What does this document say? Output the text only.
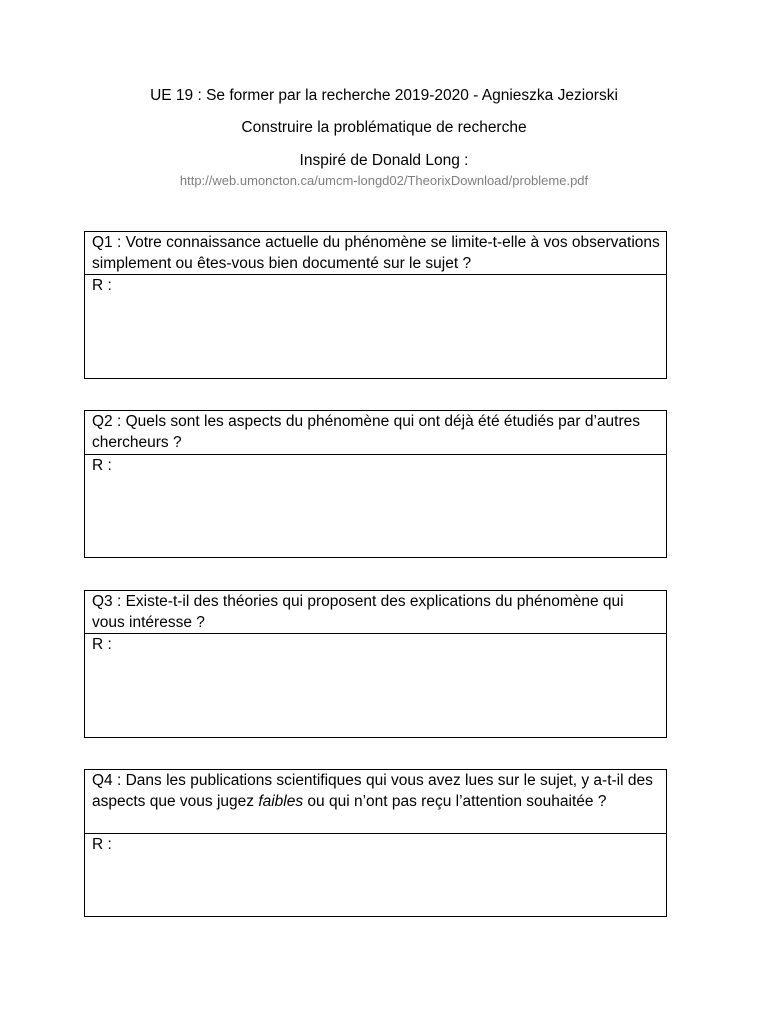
UE 19 : Se former par la recherche 2019-2020 - Agnieszka Jeziorski
Construire la problématique de recherche
Inspiré de Donald Long :
http://web.umoncton.ca/umcm-longd02/TheorixDownload/probleme.pdf
Q1 : Votre connaissance actuelle du phénomène se limite-t-elle à vos observations simplement ou êtes-vous bien documenté sur le sujet ?
R :
Q2 : Quels sont les aspects du phénomène qui ont déjà été étudiés par d’autres chercheurs ?
R :
Q3 : Existe-t-il des théories qui proposent des explications du phénomène qui vous intéresse ?
R :
Q4 : Dans les publications scientifiques qui vous avez lues sur le sujet, y a-t-il des aspects que vous jugez faibles ou qui n’ont pas reçu l’attention souhaitée ?
R :
